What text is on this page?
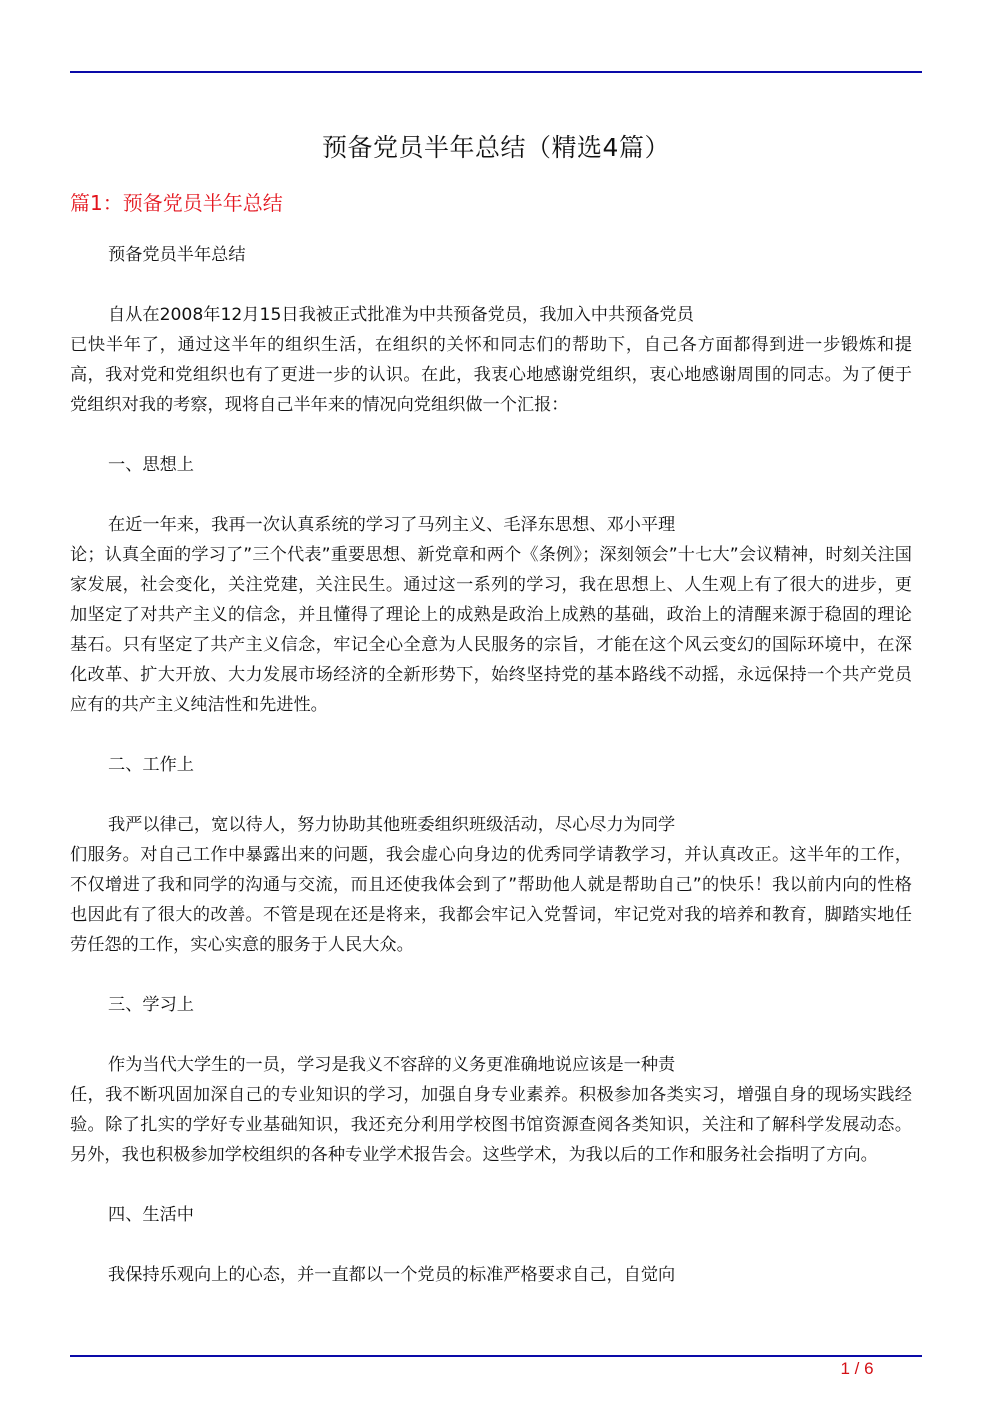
预备党员半年总结（精选4篇）
篇1：预备党员半年总结

预备党员半年总结

自从在2008年12月15日我被正式批准为中共预备党员，我加入中共预备党员
已快半年了，通过这半年的组织生活，在组织的关怀和同志们的帮助下，自己各方面都得到进一步锻炼和提高，我对党和党组织也有了更进一步的认识。在此，我衷心地感谢党组织，衷心地感谢周围的同志。为了便于党组织对我的考察，现将自己半年来的情况向党组织做一个汇报：

一、思想上

在近一年来，我再一次认真系统的学习了马列主义、毛泽东思想、邓小平理
论；认真全面的学习了”三个代表”重要思想、新党章和两个《条例》；深刻领会”十七大”会议精神，时刻关注国家发展，社会变化，关注党建，关注民生。通过这一系列的学习，我在思想上、人生观上有了很大的进步，更加坚定了对共产主义的信念，并且懂得了理论上的成熟是政治上成熟的基础，政治上的清醒来源于稳固的理论基石。只有坚定了共产主义信念，牢记全心全意为人民服务的宗旨，才能在这个风云变幻的国际环境中，在深化改革、扩大开放、大力发展市场经济的全新形势下，始终坚持党的基本路线不动摇，永远保持一个共产党员应有的共产主义纯洁性和先进性。

二、工作上

我严以律己，宽以待人，努力协助其他班委组织班级活动，尽心尽力为同学
们服务。对自己工作中暴露出来的问题，我会虚心向身边的优秀同学请教学习，并认真改正。这半年的工作，不仅增进了我和同学的沟通与交流，而且还使我体会到了”帮助他人就是帮助自己”的快乐！我以前内向的性格也因此有了很大的改善。不管是现在还是将来，我都会牢记入党誓词，牢记党对我的培养和教育，脚踏实地任劳任怨的工作，实心实意的服务于人民大众。

三、学习上

作为当代大学生的一员，学习是我义不容辞的义务更准确地说应该是一种责
任，我不断巩固加深自己的专业知识的学习，加强自身专业素养。积极参加各类实习，增强自身的现场实践经验。除了扎实的学好专业基础知识，我还充分利用学校图书馆资源查阅各类知识，关注和了解科学发展动态。另外，我也积极参加学校组织的各种专业学术报告会。这些学术，为我以后的工作和服务社会指明了方向。

四、生活中

我保持乐观向上的心态，并一直都以一个党员的标准严格要求自己，自觉向

1 / 6
